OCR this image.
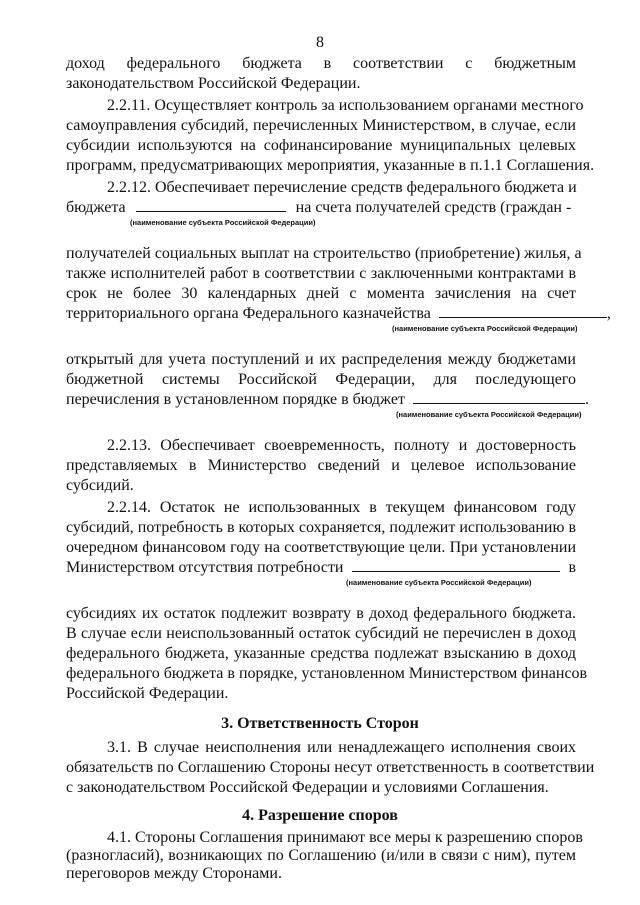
8
доход федерального бюджета в соответствии с бюджетным
законодательством Российской Федерации.
2.2.11. Осуществляет контроль за использованием органами местного
самоуправления субсидий, перечисленных Министерством, в случае, если
субсидии используются на софинансирование муниципальных целевых
программ, предусматривающих мероприятия, указанные в п.1.1 Соглашения.
2.2.12. Обеспечивает перечисление средств федерального бюджета и
бюджета	на счета получателей средств (граждан -
(наименование субъекта Российской Федерации)
получателей социальных выплат на строительство (приобретение) жилья, а
также исполнителей работ в соответствии с заключенными контрактами в
срок не более 30 календарных дней с момента зачисления на счет
территориального органа Федерального казначейства	,
(наименование субъекта Российской Федерации)
открытый для учета поступлений и их распределения между бюджетами
бюджетной системы Российской Федерации, для последующего
перечисления в установленном порядке в бюджет	.
(наименование субъекта Российской Федерации)
2.2.13. Обеспечивает своевременность, полноту и достоверность
представляемых в Министерство сведений и целевое использование
субсидий.
2.2.14. Остаток не использованных в текущем финансовом году
субсидий, потребность в которых сохраняется, подлежит использованию в
очередном финансовом году на соответствующие цели. При установлении
Министерством отсутствия потребности	в
(наименование субъекта Российской Федерации)
субсидиях их остаток подлежит возврату в доход федерального бюджета.
В случае если неиспользованный остаток субсидий не перечислен в доход
федерального бюджета, указанные средства подлежат взысканию в доход
федерального бюджета в порядке, установленном Министерством финансов
Российской Федерации.
3. Ответственность Сторон
3.1. В случае неисполнения или ненадлежащего исполнения своих
обязательств по Соглашению Стороны несут ответственность в соответствии
с законодательством Российской Федерации и условиями Соглашения.
4. Разрешение споров
4.1. Стороны Соглашения принимают все меры к разрешению споров
(разногласий), возникающих по Соглашению (и/или в связи с ним), путем
переговоров между Сторонами.
